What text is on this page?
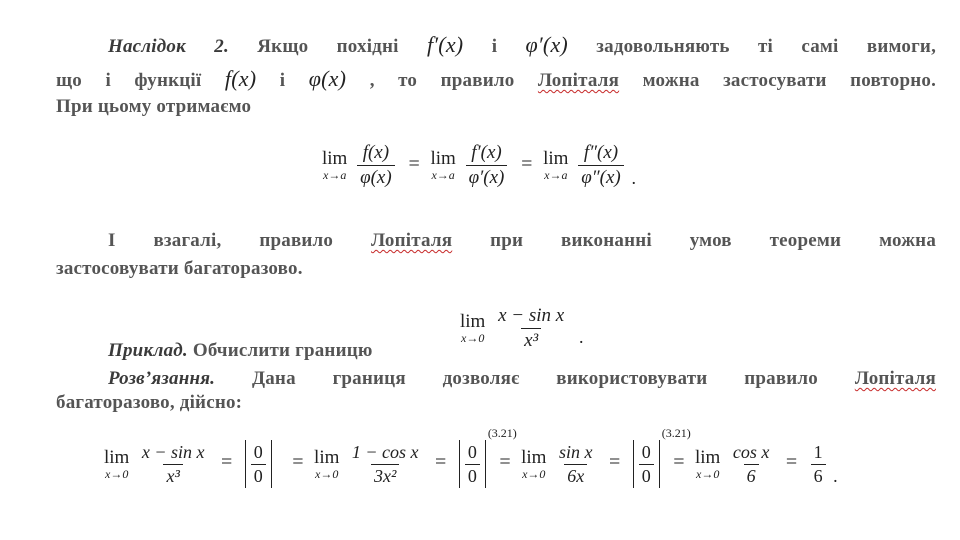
Наслідок 2. Якщо похідні f′(x) і φ′(x) задовольняють ті самі вимоги,
що і функції f(x) і φ(x) , то правило Лопіталя можна застосувати повторно.
При цьому отримаємо
lim
x→a
$\frac{f(x)}{\varphi(x)} = \lim$
x→a
$\frac{f'(x)}{\varphi'(x)} = \lim$
x→a
$\frac{f''(x)}{\varphi''(x)}$ .
І взагалі, правило Лопіталя при виконанні умов теореми можна
застосовувати багаторазово.
Приклад. Обчислити границю
lim
x→0
$\frac{\text{x − sin x}}{\text{x³}}$ .
Розв’язання. Дана границя дозволяє використовувати правило Лопіталя
багаторазово, дійсно:
lim
x→0
$\frac{\text{x − sin x}}{\text{x³}} = \frac{0}{0} = \lim$
x→0
$\frac{\text{1 − cos x}}{\text{3x²}} = \frac{0}{0}$
$^{(3.21)}$ = lim
x→0
$\frac{\text{sin x}}{6x} = \frac{0}{0}$
$^{(3.21)}$ = lim
x→0
$\frac{\text{cos x}}{6} = \frac{1}{6}$ .
